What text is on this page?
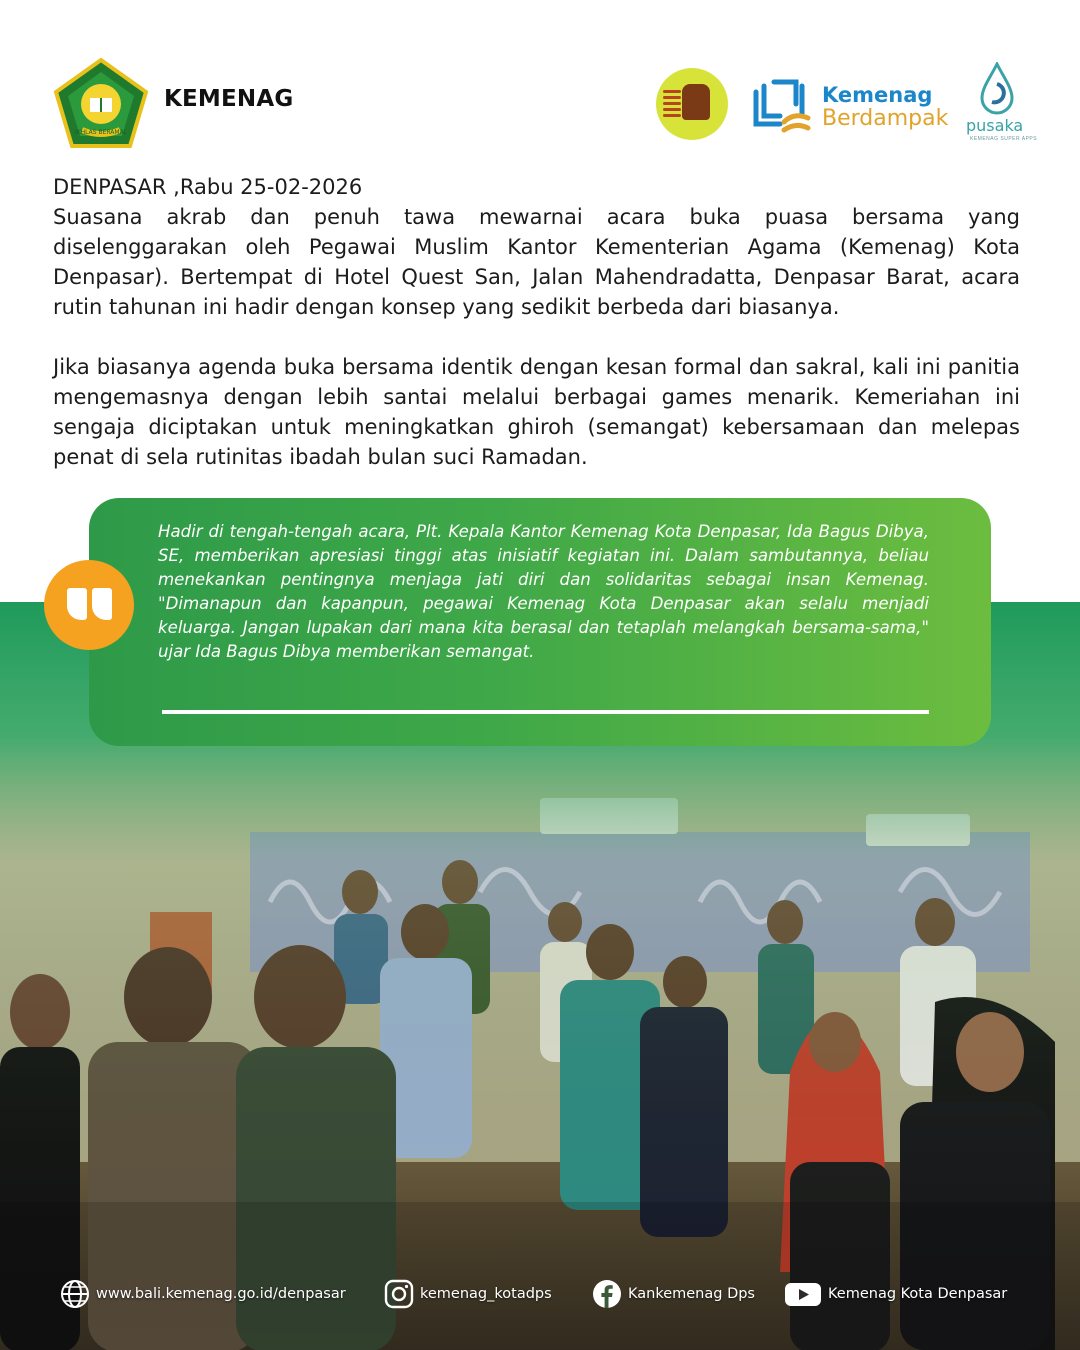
IKHLAS BERAMAL
KEMENAG	Kemenag
Berdampak pusaka
KEMENAG SUPER APPS

DENPASAR ,Rabu 25-02-2026

Suasana akrab dan penuh tawa mewarnai acara buka puasa bersama yang diselenggarakan oleh Pegawai Muslim Kantor Kementerian Agama (Kemenag) Kota Denpasar). Bertempat di Hotel Quest San, Jalan Mahendradatta, Denpasar Barat, acara rutin tahunan ini hadir dengan konsep yang sedikit berbeda dari biasanya.

Jika biasanya agenda buka bersama identik dengan kesan formal dan sakral, kali ini panitia mengemasnya dengan lebih santai melalui berbagai games menarik. Kemeriahan ini sengaja diciptakan untuk meningkatkan ghiroh (semangat) kebersamaan dan melepas penat di sela rutinitas ibadah bulan suci Ramadan.

Hadir di tengah-tengah acara, Plt. Kepala Kantor Kemenag Kota Denpasar, Ida Bagus Dibya, SE, memberikan apresiasi tinggi atas inisiatif kegiatan ini. Dalam sambutannya, beliau menekankan pentingnya menjaga jati diri dan solidaritas sebagai insan Kemenag. "Dimanapun dan kapanpun, pegawai Kemenag Kota Denpasar akan selalu menjadi keluarga. Jangan lupakan dari mana kita berasal dan tetaplah melangkah bersama-sama," ujar Ida Bagus Dibya memberikan semangat.

www.bali.kemenag.go.id/denpasar	kemenag_kotadps	Kankemenag Dps	Kemenag Kota Denpasar
